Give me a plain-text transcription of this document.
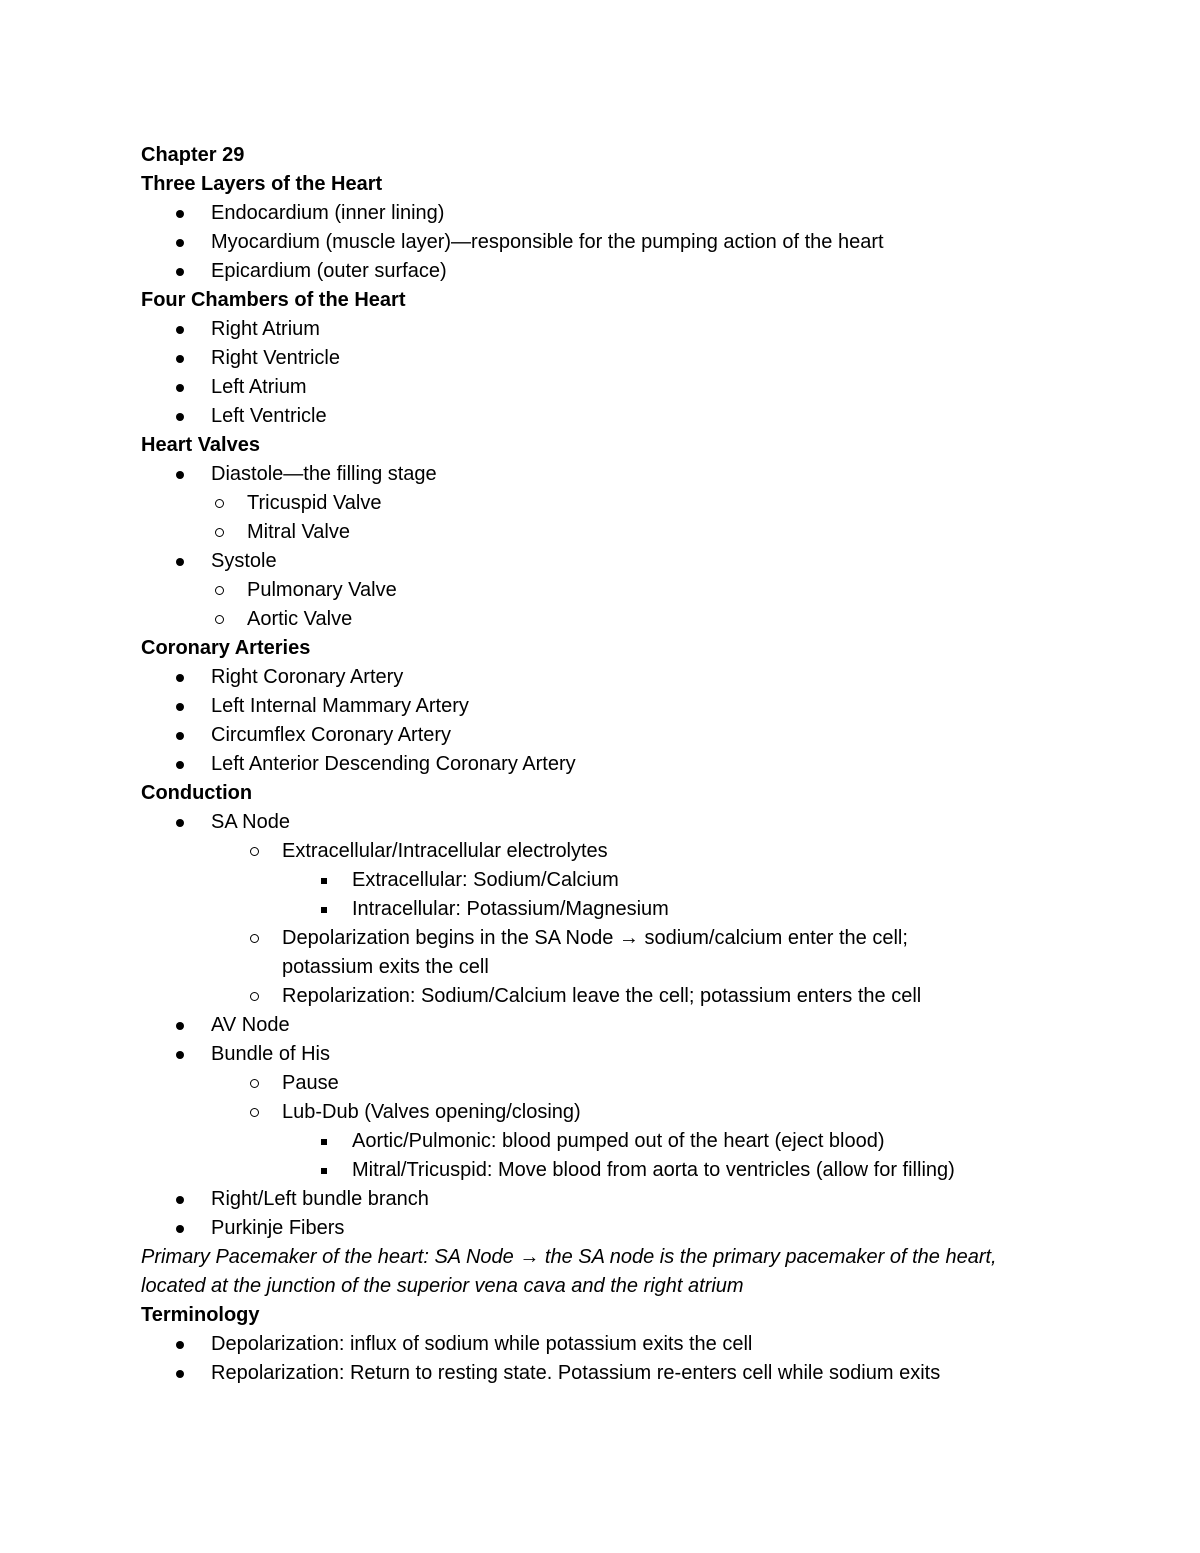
Chapter 29
Three Layers of the Heart
Endocardium (inner lining)
Myocardium (muscle layer)—responsible for the pumping action of the heart
Epicardium (outer surface)
Four Chambers of the Heart
Right Atrium
Right Ventricle
Left Atrium
Left Ventricle
Heart Valves
Diastole—the filling stage
Tricuspid Valve
Mitral Valve
Systole
Pulmonary Valve
Aortic Valve
Coronary Arteries
Right Coronary Artery
Left Internal Mammary Artery
Circumflex Coronary Artery
Left Anterior Descending Coronary Artery
Conduction
SA Node
Extracellular/Intracellular electrolytes
Extracellular: Sodium/Calcium
Intracellular: Potassium/Magnesium
Depolarization begins in the SA Node → sodium/calcium enter the cell;
potassium exits the cell
Repolarization: Sodium/Calcium leave the cell; potassium enters the cell
AV Node
Bundle of His
Pause
Lub-Dub (Valves opening/closing)
Aortic/Pulmonic: blood pumped out of the heart (eject blood)
Mitral/Tricuspid: Move blood from aorta to ventricles (allow for filling)
Right/Left bundle branch
Purkinje Fibers

Primary Pacemaker of the heart: SA Node → the SA node is the primary pacemaker of the heart,
located at the junction of the superior vena cava and the right atrium

Terminology
Depolarization: influx of sodium while potassium exits the cell
Repolarization: Return to resting state. Potassium re-enters cell while sodium exits
